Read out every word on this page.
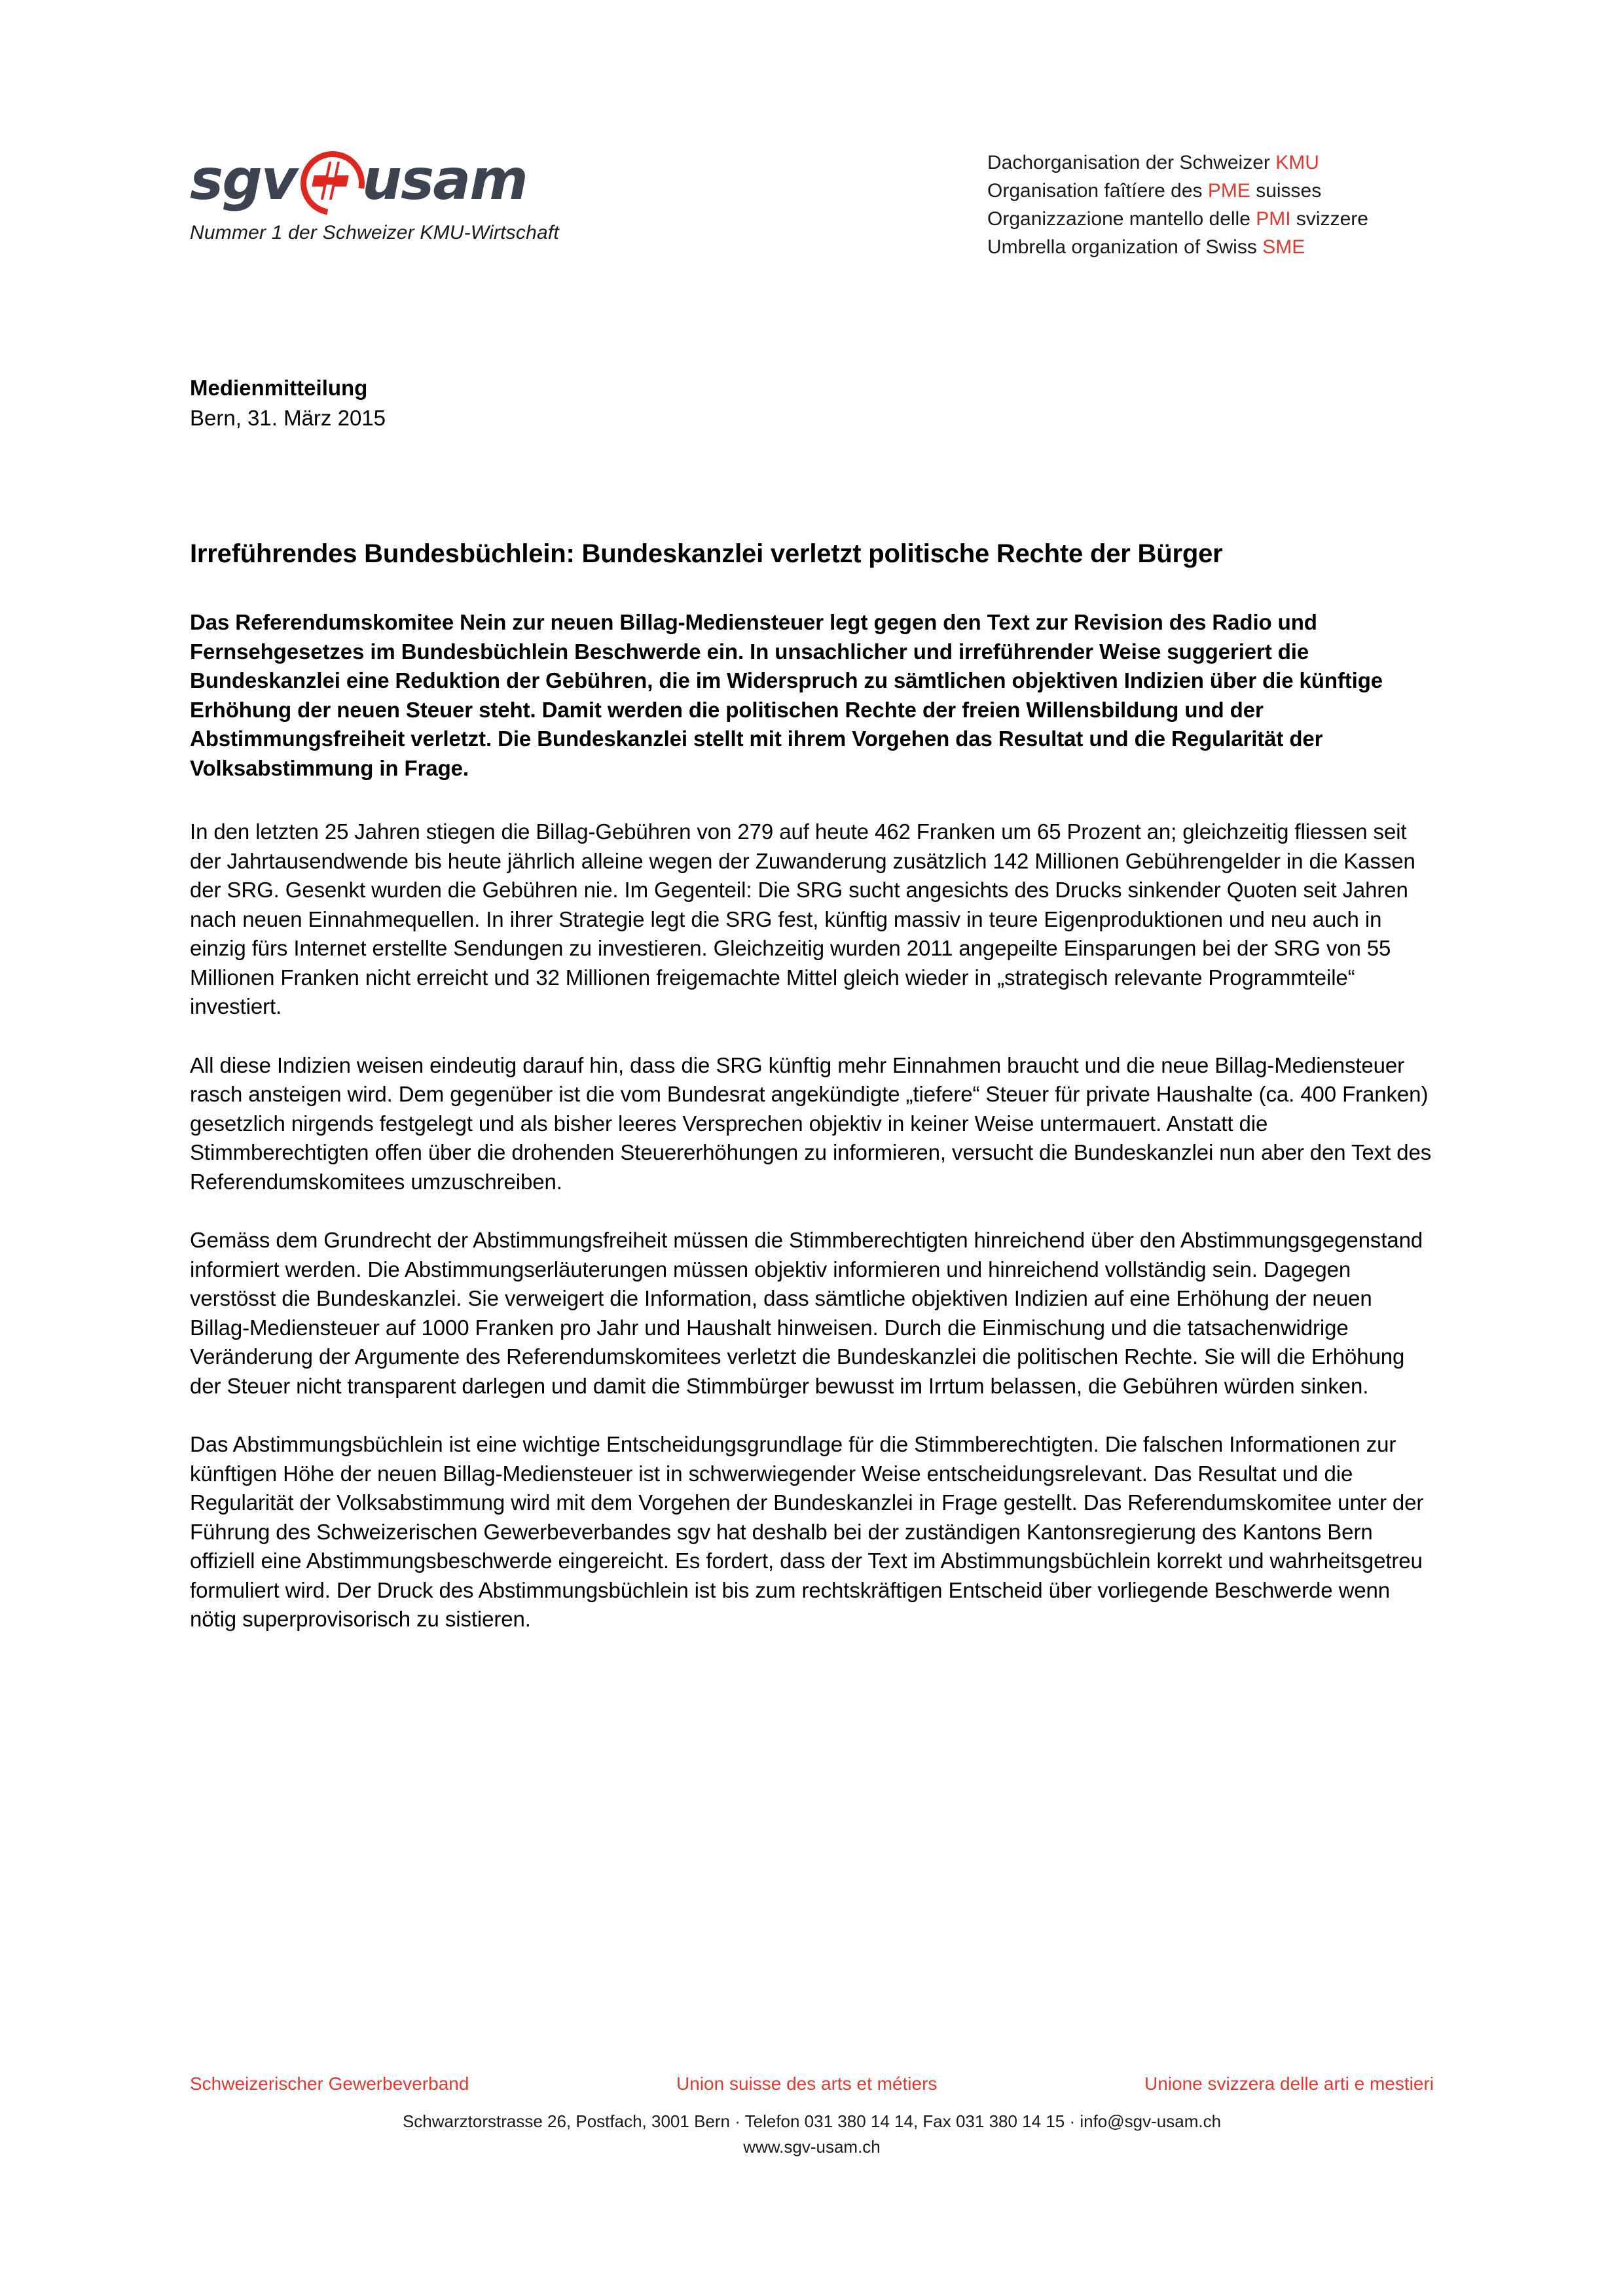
sgv usam
Nummer 1 der Schweizer KMU-Wirtschaft
Dachorganisation der Schweizer KMU
Organisation faîtíere des PME suisses
Organizzazione mantello delle PMI svizzere
Umbrella organization of Swiss SME
Medienmitteilung
Bern, 31. März 2015
Irreführendes Bundesbüchlein: Bundeskanzlei verletzt politische Rechte der Bürger

Das Referendumskomitee Nein zur neuen Billag-Mediensteuer legt gegen den Text zur Revision des Radio und Fernsehgesetzes im Bundesbüchlein Beschwerde ein. In unsachlicher und irreführender Weise suggeriert die Bundeskanzlei eine Reduktion der Gebühren, die im Widerspruch zu sämtlichen objektiven Indizien über die künftige Erhöhung der neuen Steuer steht. Damit werden die politischen Rechte der freien Willensbildung und der Abstimmungsfreiheit verletzt. Die Bundeskanzlei stellt mit ihrem Vorgehen das Resultat und die Regularität der Volksabstimmung in Frage.

In den letzten 25 Jahren stiegen die Billag-Gebühren von 279 auf heute 462 Franken um 65 Prozent an; gleichzeitig fliessen seit der Jahrtausendwende bis heute jährlich alleine wegen der Zuwanderung zusätzlich 142 Millionen Gebührengelder in die Kassen der SRG. Gesenkt wurden die Gebühren nie. Im Gegenteil: Die SRG sucht angesichts des Drucks sinkender Quoten seit Jahren nach neuen Einnahmequellen. In ihrer Strategie legt die SRG fest, künftig massiv in teure Eigenproduktionen und neu auch in einzig fürs Internet erstellte Sendungen zu investieren. Gleichzeitig wurden 2011 angepeilte Einsparungen bei der SRG von 55 Millionen Franken nicht erreicht und 32 Millionen freigemachte Mittel gleich wieder in „strategisch relevante Programmteile“ investiert.

All diese Indizien weisen eindeutig darauf hin, dass die SRG künftig mehr Einnahmen braucht und die neue Billag-Mediensteuer rasch ansteigen wird. Dem gegenüber ist die vom Bundesrat angekündigte „tiefere“ Steuer für private Haushalte (ca. 400 Franken) gesetzlich nirgends festgelegt und als bisher leeres Versprechen objektiv in keiner Weise untermauert. Anstatt die Stimmberechtigten offen über die drohenden Steuererhöhungen zu informieren, versucht die Bundeskanzlei nun aber den Text des Referendumskomitees umzuschreiben.

Gemäss dem Grundrecht der Abstimmungsfreiheit müssen die Stimmberechtigten hinreichend über den Abstimmungsgegenstand informiert werden. Die Abstimmungserläuterungen müssen objektiv informieren und hinreichend vollständig sein. Dagegen verstösst die Bundeskanzlei. Sie verweigert die Information, dass sämtliche objektiven Indizien auf eine Erhöhung der neuen Billag-Mediensteuer auf 1000 Franken pro Jahr und Haushalt hinweisen. Durch die Einmischung und die tatsachenwidrige Veränderung der Argumente des Referendumskomitees verletzt die Bundeskanzlei die politischen Rechte. Sie will die Erhöhung der Steuer nicht transparent darlegen und damit die Stimmbürger bewusst im Irrtum belassen, die Gebühren würden sinken.

Das Abstimmungsbüchlein ist eine wichtige Entscheidungsgrundlage für die Stimmberechtigten. Die falschen Informationen zur künftigen Höhe der neuen Billag-Mediensteuer ist in schwerwiegender Weise entscheidungsrelevant. Das Resultat und die Regularität der Volksabstimmung wird mit dem Vorgehen der Bundeskanzlei in Frage gestellt. Das Referendumskomitee unter der Führung des Schweizerischen Gewerbeverbandes sgv hat deshalb bei der zuständigen Kantonsregierung des Kantons Bern offiziell eine Abstimmungsbeschwerde eingereicht. Es fordert, dass der Text im Abstimmungsbüchlein korrekt und wahrheitsgetreu formuliert wird. Der Druck des Abstimmungsbüchlein ist bis zum rechtskräftigen Entscheid über vorliegende Beschwerde wenn nötig superprovisorisch zu sistieren.

Schweizerischer Gewerbeverband	Union suisse des arts et métiers	Unione svizzera delle arti e mestieri
Schwarztorstrasse 26, Postfach, 3001 Bern · Telefon 031 380 14 14, Fax 031 380 14 15 · info@sgv-usam.ch
www.sgv-usam.ch
